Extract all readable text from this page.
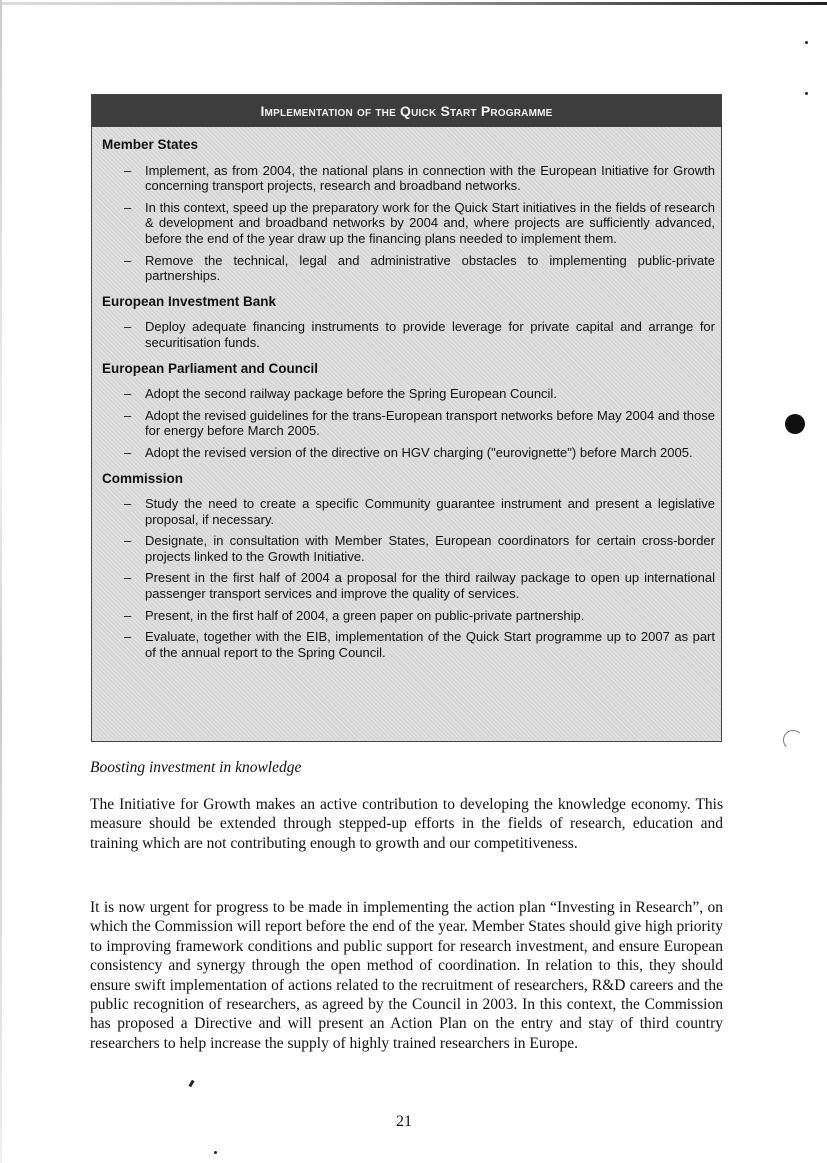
Implementation of the Quick Start Programme
Member States
– Implement, as from 2004, the national plans in connection with the European Initiative for Growth concerning transport projects, research and broadband networks.
– In this context, speed up the preparatory work for the Quick Start initiatives in the fields of research & development and broadband networks by 2004 and, where projects are sufficiently advanced, before the end of the year draw up the financing plans needed to implement them.
– Remove the technical, legal and administrative obstacles to implementing public-private partnerships.
European Investment Bank
– Deploy adequate financing instruments to provide leverage for private capital and arrange for securitisation funds.
European Parliament and Council
– Adopt the second railway package before the Spring European Council.
– Adopt the revised guidelines for the trans-European transport networks before May 2004 and those for energy before March 2005.
– Adopt the revised version of the directive on HGV charging ("eurovignette") before March 2005.
Commission
– Study the need to create a specific Community guarantee instrument and present a legislative proposal, if necessary.
– Designate, in consultation with Member States, European coordinators for certain cross-border projects linked to the Growth Initiative.
– Present in the first half of 2004 a proposal for the third railway package to open up international passenger transport services and improve the quality of services.
– Present, in the first half of 2004, a green paper on public-private partnership.
– Evaluate, together with the EIB, implementation of the Quick Start programme up to 2007 as part of the annual report to the Spring Council.
Boosting investment in knowledge

The Initiative for Growth makes an active contribution to developing the knowledge economy. This measure should be extended through stepped-up efforts in the fields of research, education and training which are not contributing enough to growth and our competitiveness.

It is now urgent for progress to be made in implementing the action plan “Investing in Research”, on which the Commission will report before the end of the year. Member States should give high priority to improving framework conditions and public support for research investment, and ensure European consistency and synergy through the open method of coordination. In relation to this, they should ensure swift implementation of actions related to the recruitment of researchers, R&D careers and the public recognition of researchers, as agreed by the Council in 2003. In this context, the Commission has proposed a Directive and will present an Action Plan on the entry and stay of third country researchers to help increase the supply of highly trained researchers in Europe.

21
